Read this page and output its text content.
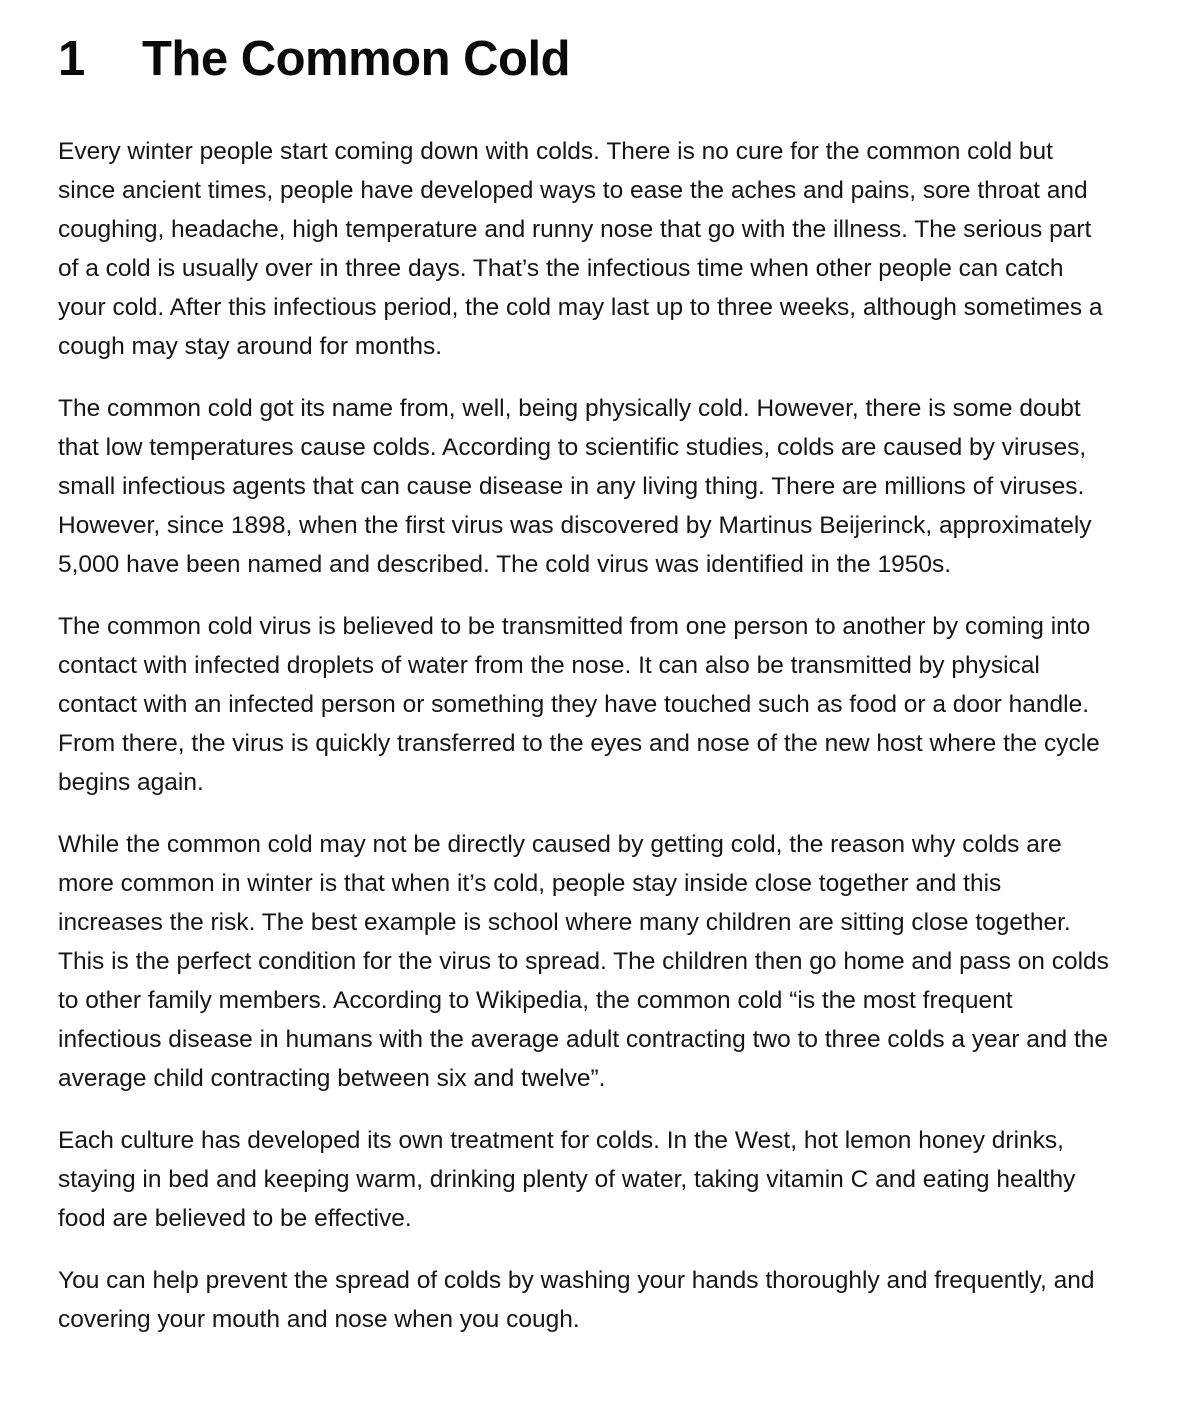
1	The Common Cold

Every winter people start coming down with colds. There is no cure for the common cold but since ancient times, people have developed ways to ease the aches and pains, sore throat and coughing, headache, high temperature and runny nose that go with the illness. The serious part of a cold is usually over in three days. That’s the infectious time when other people can catch your cold. After this infectious period, the cold may last up to three weeks, although sometimes a cough may stay around for months.

The common cold got its name from, well, being physically cold. However, there is some doubt that low temperatures cause colds. According to scientific studies, colds are caused by viruses, small infectious agents that can cause disease in any living thing. There are millions of viruses. However, since 1898, when the first virus was discovered by Martinus Beijerinck, approximately 5,000 have been named and described. The cold virus was identified in the 1950s.

The common cold virus is believed to be transmitted from one person to another by coming into contact with infected droplets of water from the nose. It can also be transmitted by physical contact with an infected person or something they have touched such as food or a door handle. From there, the virus is quickly transferred to the eyes and nose of the new host where the cycle begins again.

While the common cold may not be directly caused by getting cold, the reason why colds are more common in winter is that when it’s cold, people stay inside close together and this increases the risk. The best example is school where many children are sitting close together. This is the perfect condition for the virus to spread. The children then go home and pass on colds to other family members. According to Wikipedia, the common cold “is the most frequent infectious disease in humans with the average adult contracting two to three colds a year and the average child contracting between six and twelve”.

Each culture has developed its own treatment for colds. In the West, hot lemon honey drinks, staying in bed and keeping warm, drinking plenty of water, taking vitamin C and eating healthy food are believed to be effective.

You can help prevent the spread of colds by washing your hands thoroughly and frequently, and covering your mouth and nose when you cough.
